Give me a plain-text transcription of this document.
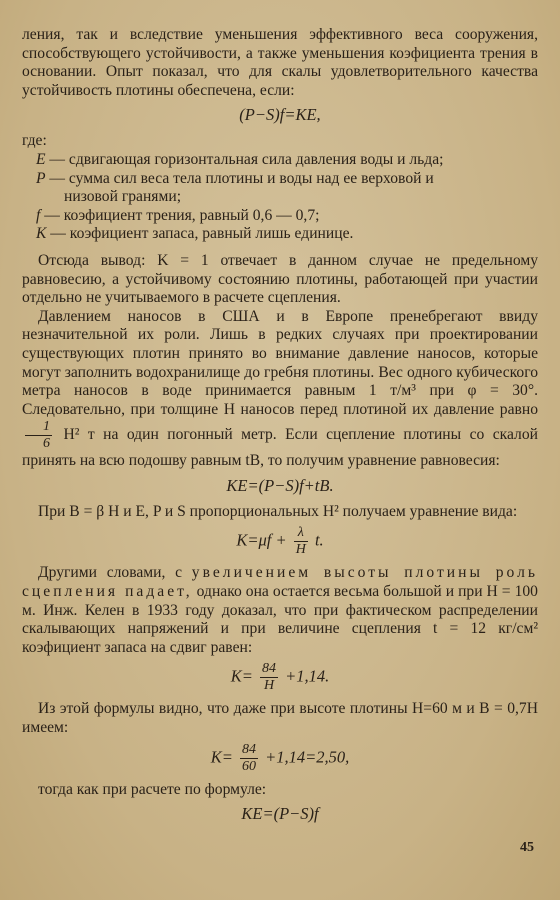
ления, так и вследствие уменьшения эффективного веса сооружения, способствующего устойчивости, а также уменьшения коэфициента трения в основании. Опыт показал, что для скалы удовлетворительного качества устойчивость плотины обеспечена, если:

(P−S)f=KE,

где:

E — сдвигающая горизонтальная сила давления воды и льда;
P — сумма сил веса тела плотины и воды над ее верховой и
низовой гранями;
f — коэфициент трения, равный 0,6 — 0,7;
K — коэфициент запаса, равный лишь единице.

Отсюда вывод: K = 1 отвечает в данном случае не предельному равновесию, а устойчивому состоянию плотины, работающей при участии отдельно не учитываемого в расчете сцепления.

Давлением наносов в США и в Европе пренебрегают ввиду незначительной их роли. Лишь в редких случаях при проектировании существующих плотин принято во внимание давление наносов, которые могут заполнить водохранилище до гребня плотины. Вес одного кубического метра наносов в воде принимается равным 1 т/м³ при φ = 30°. Следовательно, при толщине H наносов перед плотиной их давление равно
$\frac{1}{6} H^2$ т на один погонный метр. Если сцепление плотины со скалой принять на всю подошву равным tB, то получим уравнение равновесия:

KE=(P−S)f+tB.

При B = β H и E, P и S пропорциональных H² получаем уравнение вида:

$K=\mu f + \frac{\lambda}{H} t$.

Другими словами, с увеличением высоты плотины роль сцепления падает, однако она остается весьма большой и при H = 100 м. Инж. Келен в 1933 году доказал, что при фактическом распределении скалывающих напряжений и при величине сцепления t = 12 кг/см² коэфициент запаса на сдвиг равен:

$K= \frac{84}{H} +1,14$.

Из этой формулы видно, что даже при высоте плотины H=60 м и B = 0,7H имеем:

$K= \frac{84}{60} +1,14=2,50$,

тогда как при расчете по формуле:

KE=(P−S)f
45
